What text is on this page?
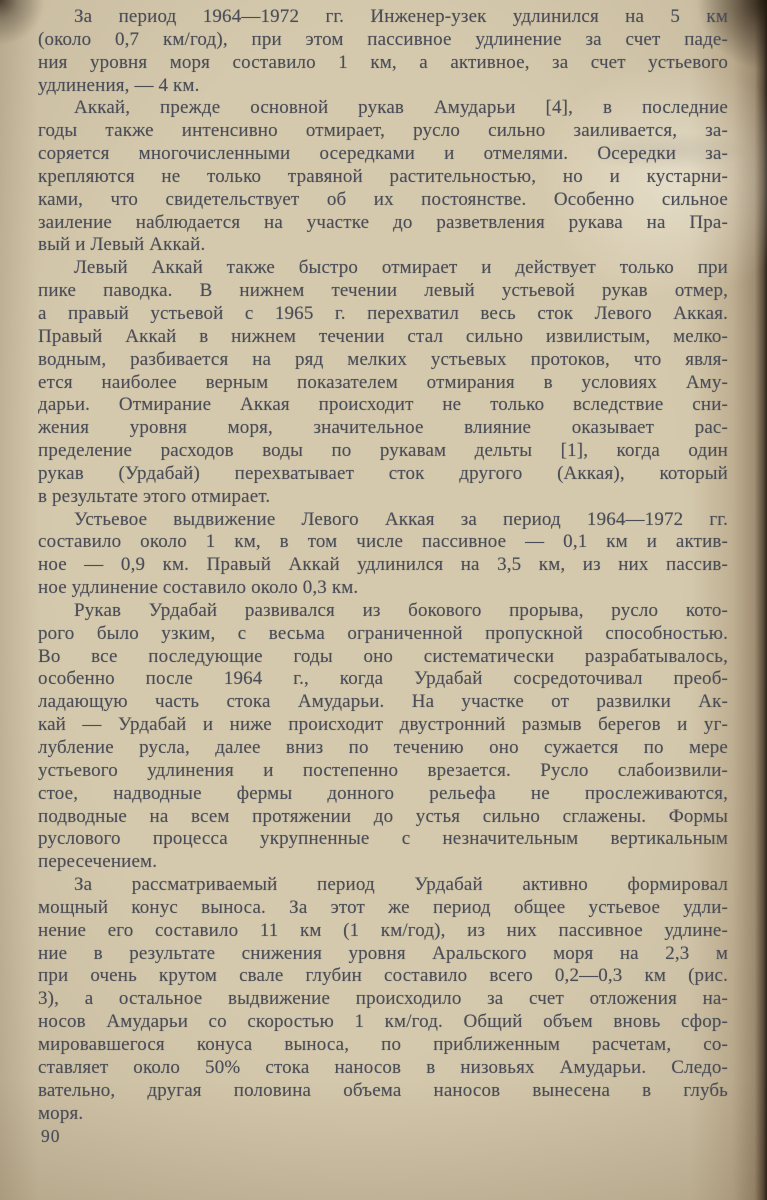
За период 1964—1972 гг. Инженер-узек удлинился на 5 км
(около 0,7 км/год), при этом пассивное удлинение за счет паде-
ния уровня моря составило 1 км, а активное, за счет устьевого
удлинения, — 4 км.
Аккай, прежде основной рукав Амударьи [4], в последние
годы также интенсивно отмирает, русло сильно заиливается, за-
соряется многочисленными осередками и отмелями. Осередки за-
крепляются не только травяной растительностью, но и кустарни-
ками, что свидетельствует об их постоянстве. Особенно сильное
заиление наблюдается на участке до разветвления рукава на Пра-
вый и Левый Аккай.
Левый Аккай также быстро отмирает и действует только при
пике паводка. В нижнем течении левый устьевой рукав отмер,
а правый устьевой с 1965 г. перехватил весь сток Левого Аккая.
Правый Аккай в нижнем течении стал сильно извилистым, мелко-
водным, разбивается на ряд мелких устьевых протоков, что явля-
ется наиболее верным показателем отмирания в условиях Аму-
дарьи. Отмирание Аккая происходит не только вследствие сни-
жения уровня моря, значительное влияние оказывает рас-
пределение расходов воды по рукавам дельты [1], когда один
рукав (Урдабай) перехватывает сток другого (Аккая), который
в результате этого отмирает.
Устьевое выдвижение Левого Аккая за период 1964—1972 гг.
составило около 1 км, в том числе пассивное — 0,1 км и актив-
ное — 0,9 км. Правый Аккай удлинился на 3,5 км, из них пассив-
ное удлинение составило около 0,3 км.
Рукав Урдабай развивался из бокового прорыва, русло кото-
рого было узким, с весьма ограниченной пропускной способностью.
Во все последующие годы оно систематически разрабатывалось,
особенно после 1964 г., когда Урдабай сосредоточивал преоб-
ладающую часть стока Амударьи. На участке от развилки Ак-
кай — Урдабай и ниже происходит двустронний размыв берегов и уг-
лубление русла, далее вниз по течению оно сужается по мере
устьевого удлинения и постепенно врезается. Русло слабоизвили-
стое, надводные фермы донного рельефа не прослеживаются,
подводные на всем протяжении до устья сильно сглажены. Формы
руслового процесса укрупненные с незначительным вертикальным
пересечением.
За рассматриваемый период Урдабай активно формировал
мощный конус выноса. За этот же период общее устьевое удли-
нение его составило 11 км (1 км/год), из них пассивное удлине-
ние в результате снижения уровня Аральского моря на 2,3 м
при очень крутом свале глубин составило всего 0,2—0,3 км (рис.
3), а остальное выдвижение происходило за счет отложения на-
носов Амударьи со скоростью 1 км/год. Общий объем вновь сфор-
мировавшегося конуса выноса, по приближенным расчетам, со-
ставляет около 50% стока наносов в низовьях Амударьи. Следо-
вательно, другая половина объема наносов вынесена в глубь
моря.
90
